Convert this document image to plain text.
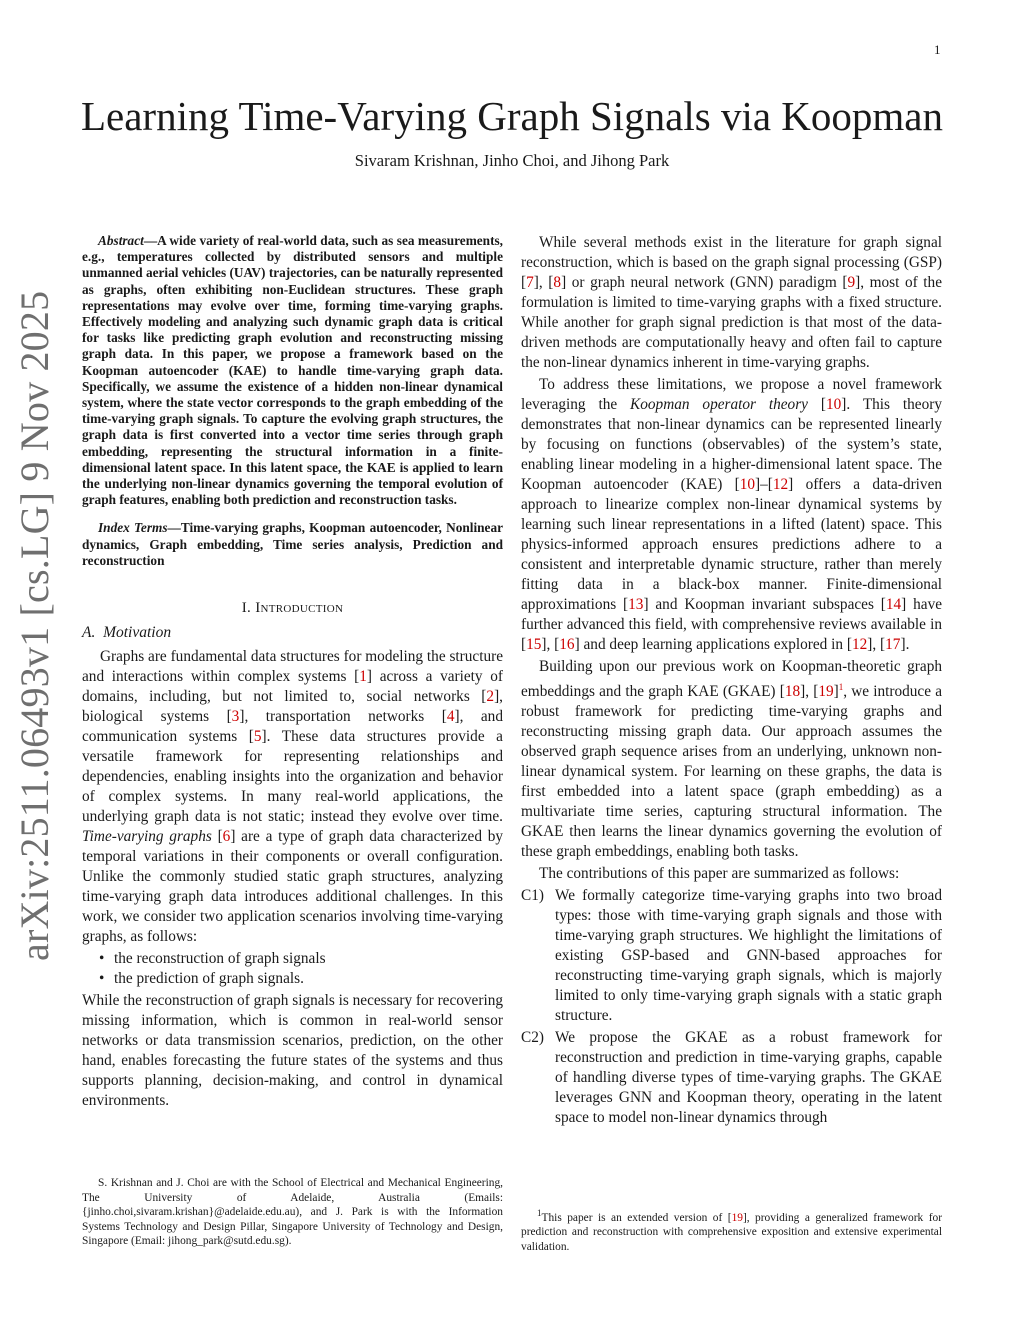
1
arXiv:2511.06493v1 [cs.LG] 9 Nov 2025
Learning Time-Varying Graph Signals via Koopman
Sivaram Krishnan, Jinho Choi, and Jihong Park

Abstract—A wide variety of real-world data, such as sea measurements, e.g., temperatures collected by distributed sensors and multiple unmanned aerial vehicles (UAV) trajectories, can be naturally represented as graphs, often exhibiting non-Euclidean structures. These graph representations may evolve over time, forming time-varying graphs. Effectively modeling and analyzing such dynamic graph data is critical for tasks like predicting graph evolution and reconstructing missing graph data. In this paper, we propose a framework based on the Koopman autoencoder (KAE) to handle time-varying graph data. Specifically, we assume the existence of a hidden non-linear dynamical system, where the state vector corresponds to the graph embedding of the time-varying graph signals. To capture the evolving graph structures, the graph data is first converted into a vector time series through graph embedding, representing the structural information in a finite-dimensional latent space. In this latent space, the KAE is applied to learn the underlying non-linear dynamics governing the temporal evolution of graph features, enabling both prediction and reconstruction tasks.

Index Terms—Time-varying graphs, Koopman autoencoder, Nonlinear dynamics, Graph embedding, Time series analysis, Prediction and reconstruction

I. Introduction
A. Motivation

Graphs are fundamental data structures for modeling the structure and interactions within complex systems [1] across a variety of domains, including, but not limited to, social networks [2], biological systems [3], transportation networks [4], and communication systems [5]. These data structures provide a versatile framework for representing relationships and dependencies, enabling insights into the organization and behavior of complex systems. In many real-world applications, the underlying graph data is not static; instead they evolve over time. Time-varying graphs [6] are a type of graph data characterized by temporal variations in their components or overall configuration. Unlike the commonly studied static graph structures, analyzing time-varying graph data introduces additional challenges. In this work, we consider two application scenarios involving time-varying graphs, as follows:

• the reconstruction of graph signals
• the prediction of graph signals.

While the reconstruction of graph signals is necessary for recovering missing information, which is common in real-world sensor networks or data transmission scenarios, prediction, on the other hand, enables forecasting the future states of the systems and thus supports planning, decision-making, and control in dynamical environments.

While several methods exist in the literature for graph signal reconstruction, which is based on the graph signal processing (GSP) [7], [8] or graph neural network (GNN) paradigm [9], most of the formulation is limited to time-varying graphs with a fixed structure. While another for graph signal prediction is that most of the data-driven methods are computationally heavy and often fail to capture the non-linear dynamics inherent in time-varying graphs.

To address these limitations, we propose a novel framework leveraging the Koopman operator theory [10]. This theory demonstrates that non-linear dynamics can be represented linearly by focusing on functions (observables) of the system’s state, enabling linear modeling in a higher-dimensional latent space. The Koopman autoencoder (KAE) [10]–[12] offers a data-driven approach to linearize complex non-linear dynamical systems by learning such linear representations in a lifted (latent) space. This physics-informed approach ensures predictions adhere to a consistent and interpretable dynamic structure, rather than merely fitting data in a black-box manner. Finite-dimensional approximations [13] and Koopman invariant subspaces [14] have further advanced this field, with comprehensive reviews available in [15], [16] and deep learning applications explored in [12], [17].

Building upon our previous work on Koopman-theoretic graph embeddings and the graph KAE (GKAE) [18], [19]$^1$, we introduce a robust framework for predicting time-varying graphs and reconstructing missing graph data. Our approach assumes the observed graph sequence arises from an underlying, unknown non-linear dynamical system. For learning on these graphs, the data is first embedded into a latent space (graph embedding) as a multivariate time series, capturing structural information. The GKAE then learns the linear dynamics governing the evolution of these graph embeddings, enabling both tasks.

The contributions of this paper are summarized as follows:

C1) We formally categorize time-varying graphs into two broad types: those with time-varying graph signals and those with time-varying graph structures. We highlight the limitations of existing GSP-based and GNN-based approaches for reconstructing time-varying graph signals, which is majorly limited to only time-varying graph signals with a static graph structure.
C2) We propose the GKAE as a robust framework for reconstruction and prediction in time-varying graphs, capable of handling diverse types of time-varying graphs. The GKAE leverages GNN and Koopman theory, operating in the latent space to model non-linear dynamics through
S. Krishnan and J. Choi are with the School of Electrical and Mechanical Engineering, The University of Adelaide, Australia (Emails:{jinho.choi,sivaram.krishan}@adelaide.edu.au), and J. Park is with the Information Systems Technology and Design Pillar, Singapore University of Technology and Design, Singapore (Email: jihong_park@sutd.edu.sg).
$^1$This paper is an extended version of [19], providing a generalized framework for prediction and reconstruction with comprehensive exposition and extensive experimental validation.
